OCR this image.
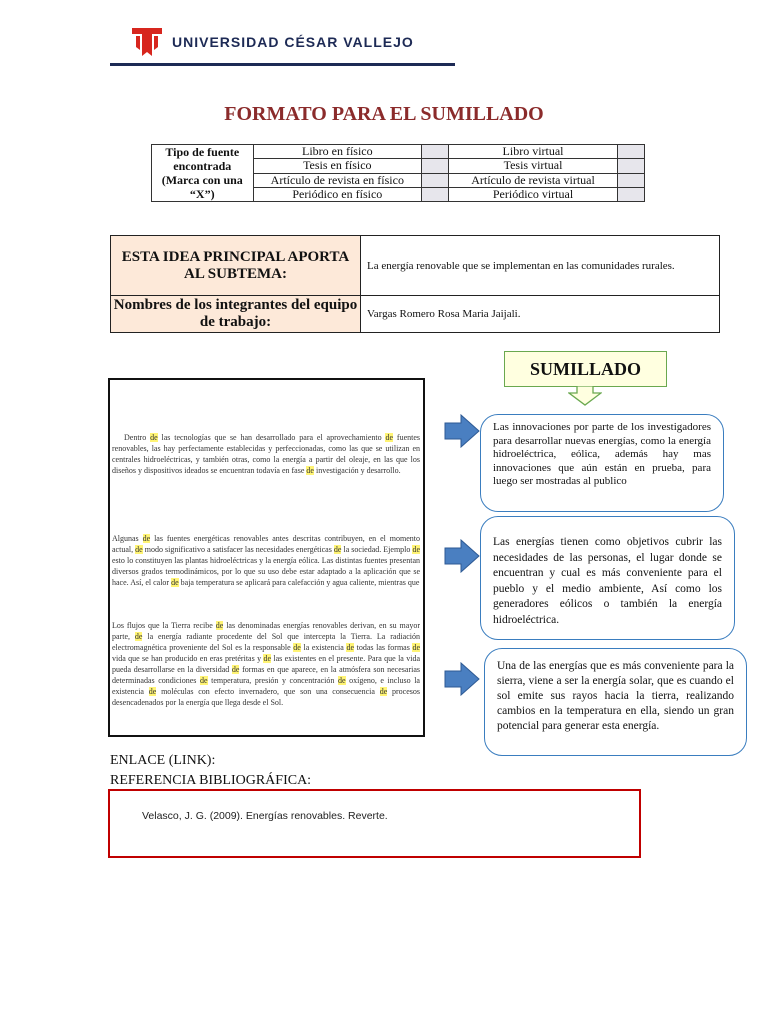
UNIVERSIDAD CÉSAR VALLEJO
FORMATO PARA EL SUMILLADO
Tipo de fuente encontrada (Marca con una “X”)	Libro en físico		Libro virtual	
	Tesis en físico		Tesis virtual	
	Artículo de revista en físico		Artículo de revista virtual	
	Periódico en físico		Periódico virtual	
ESTA IDEA PRINCIPAL APORTA AL SUBTEMA:	La energía renovable que se implementan en las comunidades rurales.
Nombres de los integrantes del equipo de trabajo:	Vargas Romero Rosa Maria Jaijali.
SUMILLADO
Dentro de las tecnologías que se han desarrollado para el aprovechamiento de fuentes renovables, las hay perfectamente establecidas y perfeccionadas, como las que se utilizan en centrales hidroeléctricas, y también otras, como la energía a partir del oleaje, en las que los diseños y dispositivos ideados se encuentran todavía en fase de investigación y desarrollo.
Algunas de las fuentes energéticas renovables antes descritas contribuyen, en el momento actual, de modo significativo a satisfacer las necesidades energéticas de la sociedad. Ejemplo de esto lo constituyen las plantas hidroeléctricas y la energía eólica. Las distintas fuentes presentan diversos grados termodinámicos, por lo que su uso debe estar adaptado a la aplicación que se hace. Así, el calor de baja temperatura se aplicará para calefacción y agua caliente, mientras que
Los flujos que la Tierra recibe de las denominadas energías renovables derivan, en su mayor parte, de la energía radiante procedente del Sol que intercepta la Tierra. La radiación electromagnética proveniente del Sol es la responsable de la existencia de todas las formas de vida que se han producido en eras pretéritas y de las existentes en el presente. Para que la vida pueda desarrollarse en la diversidad de formas en que aparece, en la atmósfera son necesarias determinadas condiciones de temperatura, presión y concentración de oxígeno, e incluso la existencia de moléculas con efecto invernadero, que son una consecuencia de procesos desencadenados por la energía que llega desde el Sol.
Las innovaciones por parte de los investigadores para desarrollar nuevas energías, como la energía hidroeléctrica, eólica, además hay mas innovaciones que aún están en prueba, para luego ser mostradas al publico
Las energías tienen como objetivos cubrir las necesidades de las personas, el lugar donde se encuentran y cual es más conveniente para el pueblo y el medio ambiente, Así como los generadores eólicos o también la energía hidroeléctrica.
Una de las energías que es más conveniente para la sierra, viene a ser la energía solar, que es cuando el sol emite sus rayos hacia la tierra, realizando cambios en la temperatura en ella, siendo un gran potencial para generar esta energía.
ENLACE (LINK):
REFERENCIA BIBLIOGRÁFICA:
Velasco, J. G. (2009). Energías renovables. Reverte.
